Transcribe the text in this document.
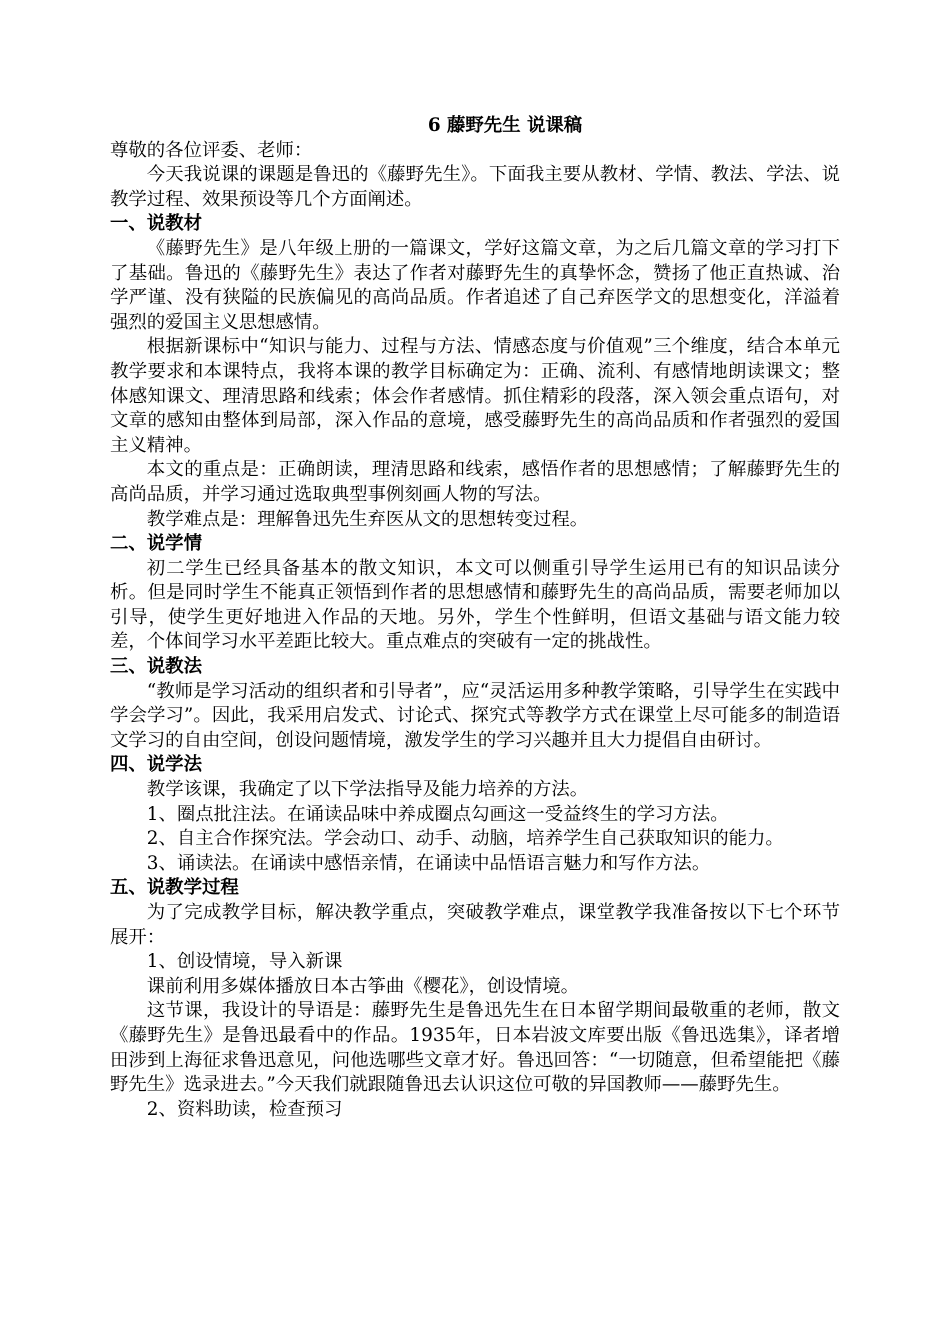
6 藤野先生 说课稿

尊敬的各位评委、老师：

今天我说课的课题是鲁迅的《藤野先生》。下面我主要从教材、学情、教法、学法、说教学过程、效果预设等几个方面阐述。

一、说教材

《藤野先生》是八年级上册的一篇课文，学好这篇文章，为之后几篇文章的学习打下了基础。鲁迅的《藤野先生》表达了作者对藤野先生的真挚怀念，赞扬了他正直热诚、治学严谨、没有狭隘的民族偏见的高尚品质。作者追述了自己弃医学文的思想变化，洋溢着强烈的爱国主义思想感情。

根据新课标中“知识与能力、过程与方法、情感态度与价值观”三个维度，结合本单元教学要求和本课特点，我将本课的教学目标确定为：正确、流利、有感情地朗读课文；整体感知课文、理清思路和线索；体会作者感情。抓住精彩的段落，深入领会重点语句，对文章的感知由整体到局部，深入作品的意境，感受藤野先生的高尚品质和作者强烈的爱国主义精神。

本文的重点是：正确朗读，理清思路和线索，感悟作者的思想感情；了解藤野先生的高尚品质，并学习通过选取典型事例刻画人物的写法。

教学难点是：理解鲁迅先生弃医从文的思想转变过程。

二、说学情

初二学生已经具备基本的散文知识，本文可以侧重引导学生运用已有的知识品读分析。但是同时学生不能真正领悟到作者的思想感情和藤野先生的高尚品质，需要老师加以引导，使学生更好地进入作品的天地。另外，学生个性鲜明，但语文基础与语文能力较差，个体间学习水平差距比较大。重点难点的突破有一定的挑战性。

三、说教法

“教师是学习活动的组织者和引导者”，应“灵活运用多种教学策略，引导学生在实践中学会学习”。因此，我采用启发式、讨论式、探究式等教学方式在课堂上尽可能多的制造语文学习的自由空间，创设问题情境，激发学生的学习兴趣并且大力提倡自由研讨。

四、说学法

教学该课，我确定了以下学法指导及能力培养的方法。

1、圈点批注法。在诵读品味中养成圈点勾画这一受益终生的学习方法。

2、自主合作探究法。学会动口、动手、动脑，培养学生自己获取知识的能力。

3、诵读法。在诵读中感悟亲情，在诵读中品悟语言魅力和写作方法。

五、说教学过程

为了完成教学目标，解决教学重点，突破教学难点，课堂教学我准备按以下七个环节展开：

1、创设情境，导入新课

课前利用多媒体播放日本古筝曲《樱花》，创设情境。

这节课，我设计的导语是：藤野先生是鲁迅先生在日本留学期间最敬重的老师，散文《藤野先生》是鲁迅最看中的作品。1935年，日本岩波文库要出版《鲁迅选集》，译者增田涉到上海征求鲁迅意见，问他选哪些文章才好。鲁迅回答：“一切随意，但希望能把《藤野先生》选录进去。”今天我们就跟随鲁迅去认识这位可敬的异国教师——藤野先生。

2、资料助读，检查预习
